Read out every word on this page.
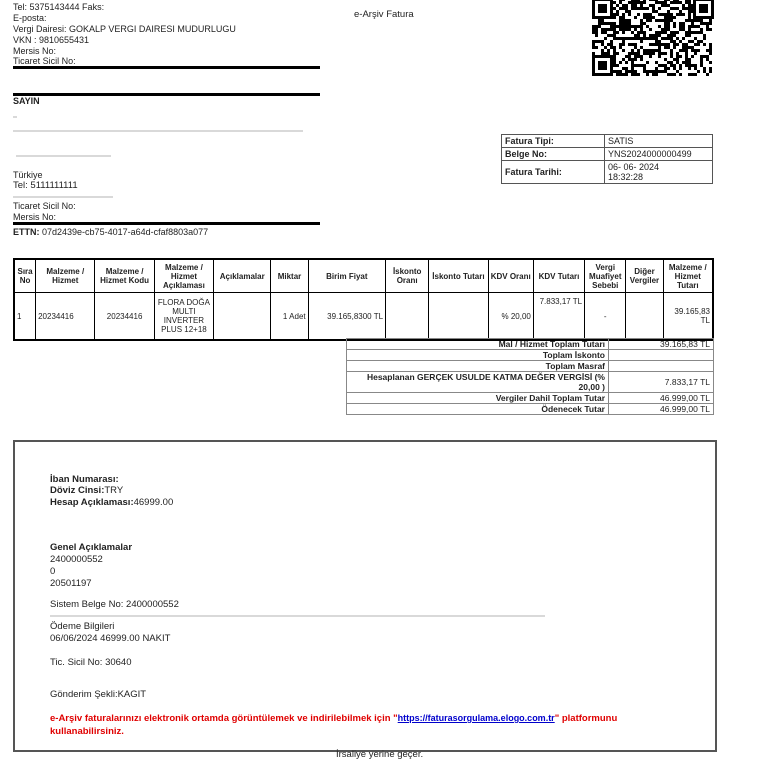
Tel: 5375143444 Faks:
E-posta:
Vergi Dairesi: GOKALP VERGI DAIRESI MUDURLUGU
VKN : 9810655431
Mersis No:
Ticaret Sicil No:
e-Arşiv Fatura
SAYIN
Türkiye
Tel: 5111111111
Ticaret Sicil No:
Mersis No:
ETTN: 07d2439e-cb75-4017-a64d-cfaf8803a077
Fatura Tipi:	SATIS
Belge No:	YNS2024000000499
Fatura Tarihi:	06- 06- 2024
18:32:28
Sıra No	Malzeme / Hizmet	Malzeme / Hizmet Kodu	Malzeme / Hizmet Açıklaması	Açıklamalar	Miktar	Birim Fiyat	İskonto Oranı	İskonto Tutarı	KDV Oranı	KDV Tutarı	Vergi Muafiyet Sebebi	Diğer Vergiler	Malzeme / Hizmet Tutarı
1	20234416	20234416	FLORA DOĞA MULTI INVERTER PLUS 12+18		1 Adet	39.165,8300 TL			% 20,00	7.833,17 TL	-		39.165,83 TL
Mal / Hizmet Toplam Tutarı	39.165,83 TL
Toplam İskonto	
Toplam Masraf	
Hesaplanan GERÇEK USULDE KATMA DEĞER VERGİSİ (% 20,00 )	7.833,17 TL
Vergiler Dahil Toplam Tutar	46.999,00 TL
Ödenecek Tutar	46.999,00 TL
İban Numarası:
Döviz Cinsi:TRY
Hesap Açıklaması:46999.00
Genel Açıklamalar
2400000552
0
20501197
Sistem Belge No: 2400000552
Ödeme Bilgileri
06/06/2024 46999.00 NAKIT
Tic. Sicil No: 30640
Gönderim Şekli:KAGIT
e-Arşiv faturalarınızı elektronik ortamda görüntülemek ve indirilebilmek için "https://faturasorgulama.elogo.com.tr" platformunu
kullanabilirsiniz.
İrsaliye yerine geçer.
